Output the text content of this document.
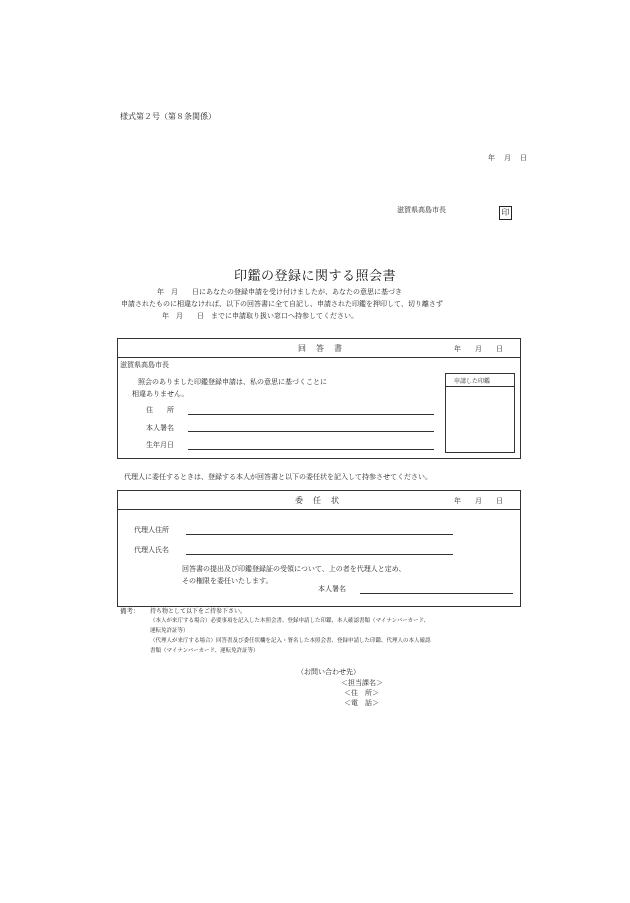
様式第２号（第８条関係）
年　月　日
滋賀県高島市長	印
印鑑の登録に関する照会書
年　月　　日にあなたの登録申請を受け付けましたが、あなたの意思に基づき
申請されたものに相違なければ、以下の回答書に全て自記し、申請された印鑑を押印して、切り離さず
年　月　　日　までに申請取り扱い窓口へ持参してください。
回　答　書	年　　月　　日
滋賀県高島市長
照会のありました印鑑登録申請は、私の意思に基づくことに
相違ありません。
住　　所
本人署名
生年月日
申請した印鑑
代理人に委任するときは、登録する本人が回答書と以下の委任状を記入して持参させてください。
委　任　状	年　　月　　日
代理人住所
代理人氏名
回答書の提出及び印鑑登録証の受領について、上の者を代理人と定め、
その権限を委任いたします。
本人署名
備考： 持ち物として以下をご持参下さい。
（本人が来庁する場合）必要事項を記入した本照会書、登録申請した印鑑、本人確認書類（マイナンバーカード、
運転免許証等）
（代理人が来庁する場合）回答書及び委任状欄を記入・署名した本照会書、登録申請した印鑑、代理人の本人確認
書類（マイナンバーカード、運転免許証等）
（お問い合わせ先）
＜担当課名＞
＜住　所＞
＜電　話＞
